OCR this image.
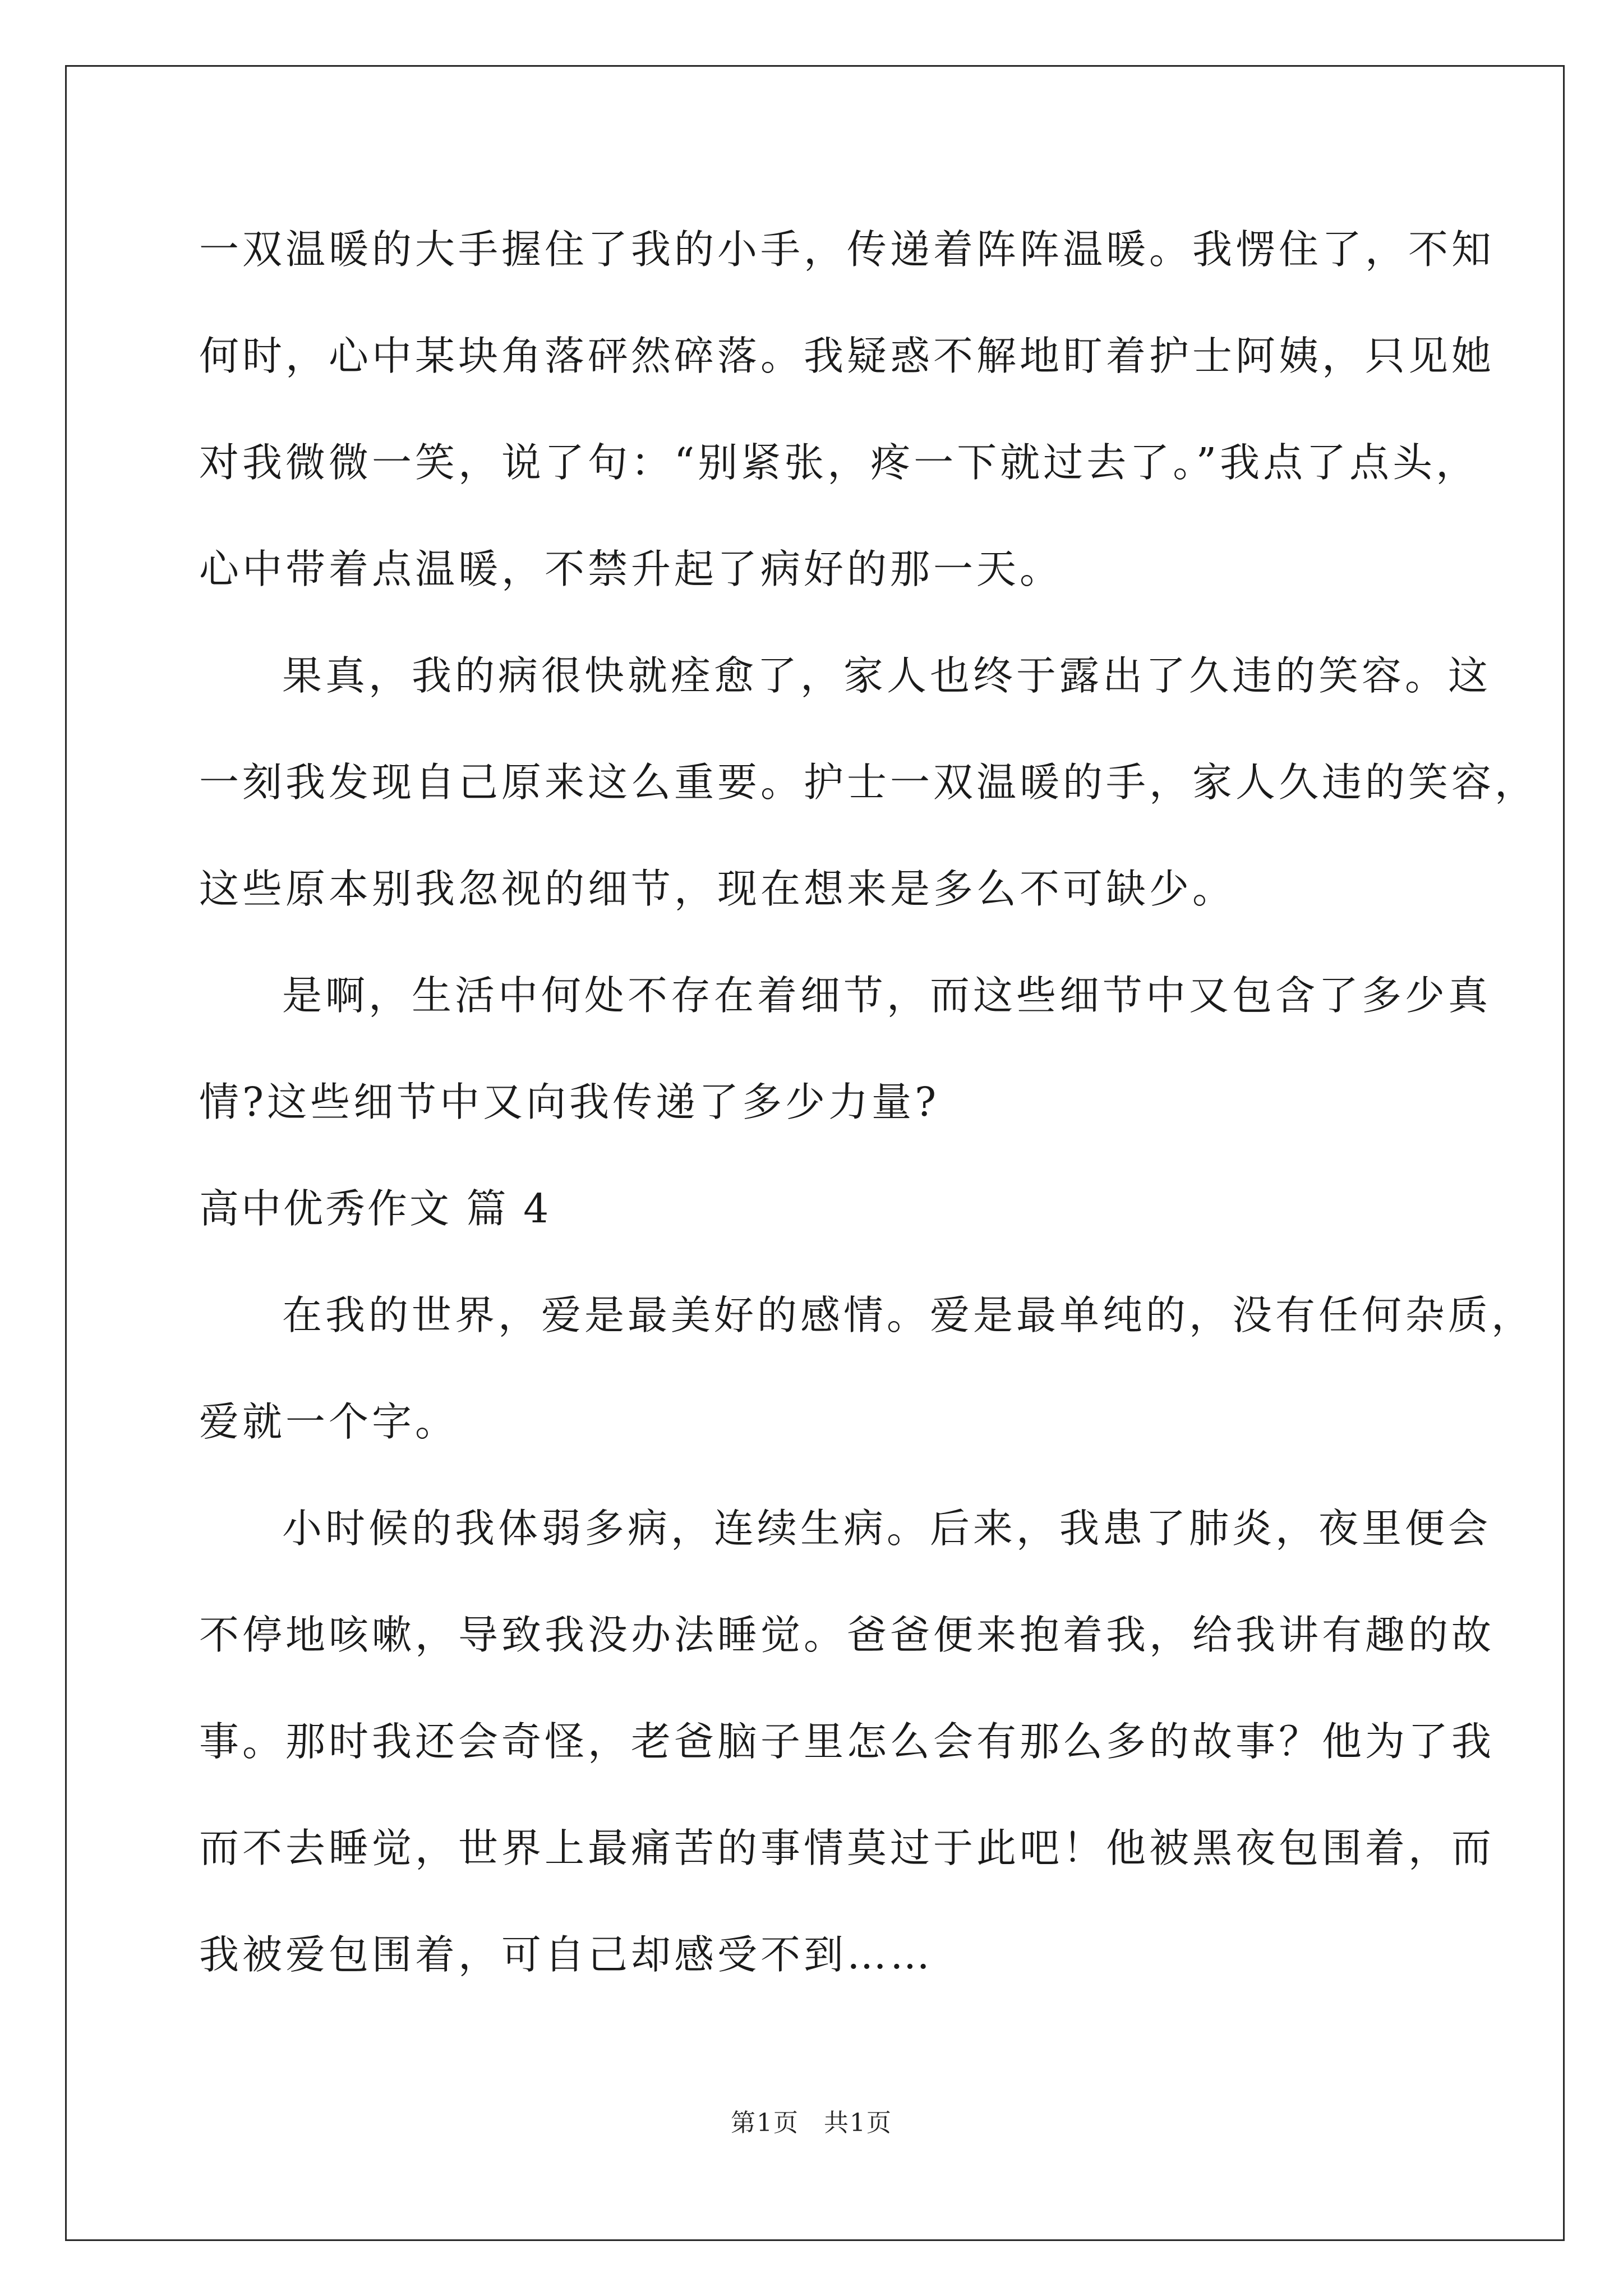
一双温暖的大手握住了我的小手，传递着阵阵温暖。我愣住了，不知
何时，心中某块角落砰然碎落。我疑惑不解地盯着护士阿姨，只见她
对我微微一笑，说了句：“别紧张，疼一下就过去了。”我点了点头，
心中带着点温暖，不禁升起了病好的那一天。
果真，我的病很快就痊愈了，家人也终于露出了久违的笑容。这
一刻我发现自己原来这么重要。护士一双温暖的手，家人久违的笑容，
这些原本别我忽视的细节，现在想来是多么不可缺少。
是啊，生活中何处不存在着细节，而这些细节中又包含了多少真
情?这些细节中又向我传递了多少力量?
高中优秀作文 篇 4
在我的世界，爱是最美好的感情。爱是最单纯的，没有任何杂质，
爱就一个字。
小时候的我体弱多病，连续生病。后来，我患了肺炎，夜里便会
不停地咳嗽，导致我没办法睡觉。爸爸便来抱着我，给我讲有趣的故
事。那时我还会奇怪，老爸脑子里怎么会有那么多的故事？他为了我
而不去睡觉，世界上最痛苦的事情莫过于此吧！他被黑夜包围着，而
我被爱包围着，可自己却感受不到……
第1页 共1页
